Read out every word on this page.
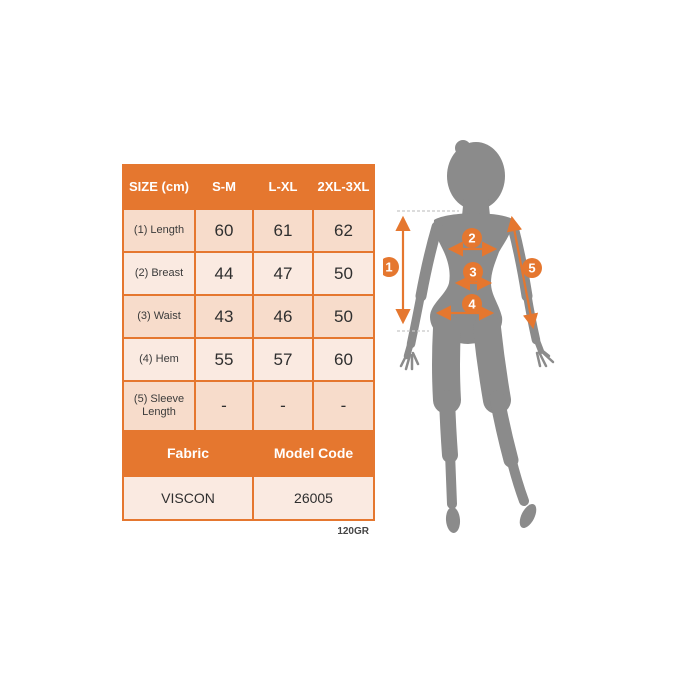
SIZE (cm)	S-M	L-XL	2XL-3XL
(1) Length	60	61	62
(2) Breast	44	47	50
(3) Waist	43	46	50
(4) Hem	55	57	60
(5) Sleeve Length	-	-	-
Fabric	Model Code
VISCON	26005
120GR
1
2
3
4
5
